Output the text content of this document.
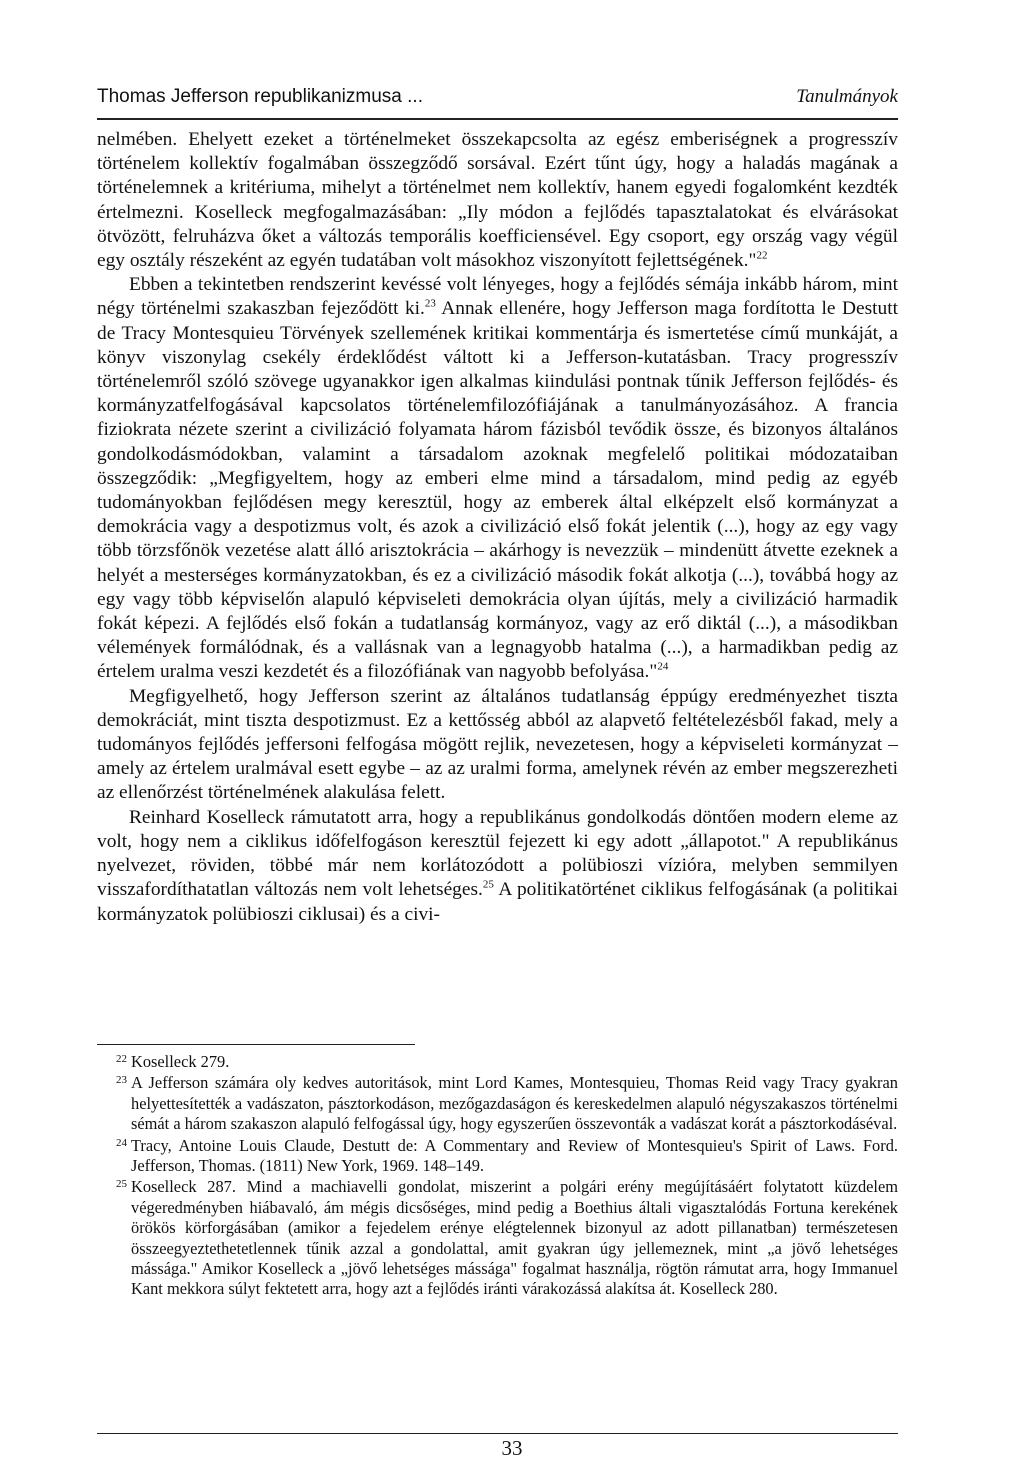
Thomas Jefferson republikanizmusa ...	Tanulmányok

nelmében. Ehelyett ezeket a történelmeket összekapcsolta az egész emberiségnek a progresszív történelem kollektív fogalmában összegződő sorsával. Ezért tűnt úgy, hogy a haladás magának a történelemnek a kritériuma, mihelyt a történelmet nem kollektív, hanem egyedi fogalomként kezdték értelmezni. Koselleck megfogalmazásában: „Ily módon a fejlődés tapasztalatokat és elvárásokat ötvözött, felruházva őket a változás temporális koefficiensével. Egy csoport, egy ország vagy végül egy osztály részeként az egyén tudatában volt másokhoz viszonyított fejlettségének."$^{22}$

Ebben a tekintetben rendszerint kevéssé volt lényeges, hogy a fejlődés sémája inkább három, mint négy történelmi szakaszban fejeződött ki.$^{23}$ Annak ellenére, hogy Jefferson maga fordította le Destutt de Tracy Montesquieu Törvények szellemének kritikai kommentárja és ismertetése című munkáját, a könyv viszonylag csekély érdeklődést váltott ki a Jefferson-kutatásban. Tracy progresszív történelemről szóló szövege ugyanakkor igen alkalmas kiindulási pontnak tűnik Jefferson fejlődés- és kormányzatfelfogásával kapcsolatos történelemfilozófiájának a tanulmányozásához. A francia fiziokrata nézete szerint a civilizáció folyamata három fázisból tevődik össze, és bizonyos általános gondolkodásmódokban, valamint a társadalom azoknak megfelelő politikai módozataiban összegződik: „Megfigyeltem, hogy az emberi elme mind a társadalom, mind pedig az egyéb tudományokban fejlődésen megy keresztül, hogy az emberek által elképzelt első kormányzat a demokrácia vagy a despotizmus volt, és azok a civilizáció első fokát jelentik (...), hogy az egy vagy több törzsfőnök vezetése alatt álló arisztokrácia – akárhogy is nevezzük – mindenütt átvette ezeknek a helyét a mesterséges kormányzatokban, és ez a civilizáció második fokát alkotja (...), továbbá hogy az egy vagy több képviselőn alapuló képviseleti demokrácia olyan újítás, mely a civilizáció harmadik fokát képezi. A fejlődés első fokán a tudatlanság kormányoz, vagy az erő diktál (...), a másodikban vélemények formálódnak, és a vallásnak van a legnagyobb hatalma (...), a harmadikban pedig az értelem uralma veszi kezdetét és a filozófiának van nagyobb befolyása."$^{24}$

Megfigyelhető, hogy Jefferson szerint az általános tudatlanság éppúgy eredményezhet tiszta demokráciát, mint tiszta despotizmust. Ez a kettősség abból az alapvető feltételezésből fakad, mely a tudományos fejlődés jeffersoni felfogása mögött rejlik, nevezetesen, hogy a képviseleti kormányzat – amely az értelem uralmával esett egybe – az az uralmi forma, amelynek révén az ember megszerezheti az ellenőrzést történelmének alakulása felett.

Reinhard Koselleck rámutatott arra, hogy a republikánus gondolkodás döntően modern eleme az volt, hogy nem a ciklikus időfelfogáson keresztül fejezett ki egy adott „állapotot." A republikánus nyelvezet, röviden, többé már nem korlátozódott a polübioszi vízióra, melyben semmilyen visszafordíthatatlan változás nem volt lehetséges.$^{25}$ A politikatörténet ciklikus felfogásának (a politikai kormányzatok polübioszi ciklusai) és a civi-

22 Koselleck 279.
23 A Jefferson számára oly kedves autoritások, mint Lord Kames, Montesquieu, Thomas Reid vagy Tracy gyakran helyettesítették a vadászaton, pásztorkodáson, mezőgazdaságon és kereskedelmen alapuló négyszakaszos történelmi sémát a három szakaszon alapuló felfogással úgy, hogy egyszerűen összevonták a vadászat korát a pásztorkodáséval.
24 Tracy, Antoine Louis Claude, Destutt de: A Commentary and Review of Montesquieu's Spirit of Laws. Ford. Jefferson, Thomas. (1811) New York, 1969. 148–149.
25 Koselleck 287. Mind a machiavelli gondolat, miszerint a polgári erény megújításáért folytatott küzdelem végeredményben hiábavaló, ám mégis dicsőséges, mind pedig a Boethius általi vigasztalódás Fortuna kerekének örökös körforgásában (amikor a fejedelem erénye elégtelennek bizonyul az adott pillanatban) természetesen összeegyeztethetetlennek tűnik azzal a gondolattal, amit gyakran úgy jellemeznek, mint „a jövő lehetséges mássága." Amikor Koselleck a „jövő lehetséges mássága" fogalmat használja, rögtön rámutat arra, hogy Immanuel Kant mekkora súlyt fektetett arra, hogy azt a fejlődés iránti várakozássá alakítsa át. Koselleck 280.
33
